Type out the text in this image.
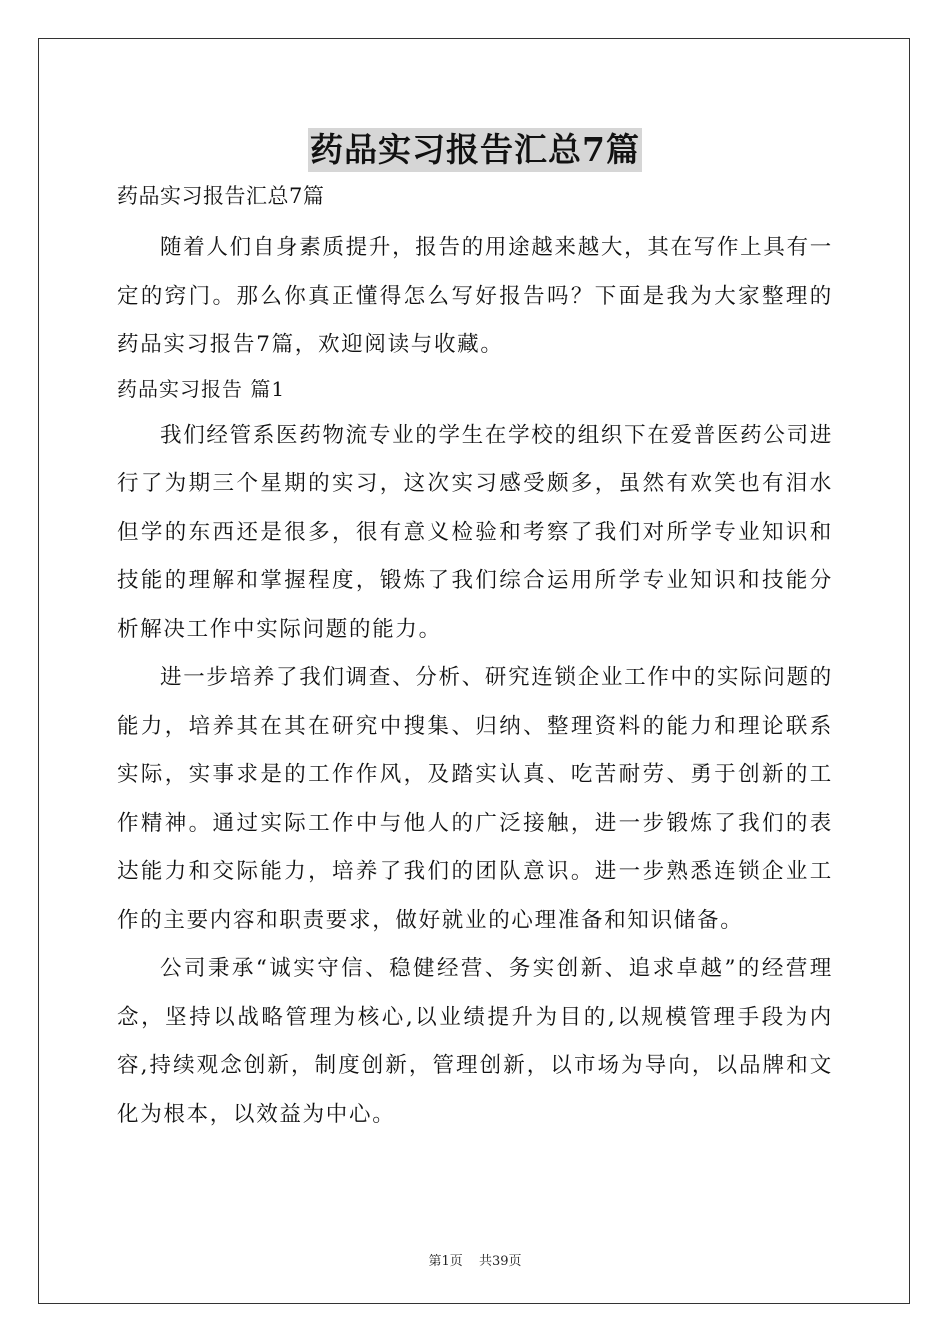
药品实习报告汇总7篇
药品实习报告汇总7篇

随着人们自身素质提升，报告的用途越来越大，其在写作上具有一定的窍门。那么你真正懂得怎么写好报告吗？下面是我为大家整理的药品实习报告7篇，欢迎阅读与收藏。

药品实习报告 篇1

我们经管系医药物流专业的学生在学校的组织下在爱普医药公司进行了为期三个星期的实习，这次实习感受颇多，虽然有欢笑也有泪水但学的东西还是很多，很有意义检验和考察了我们对所学专业知识和技能的理解和掌握程度，锻炼了我们综合运用所学专业知识和技能分析解决工作中实际问题的能力。

进一步培养了我们调查、分析、研究连锁企业工作中的实际问题的能力，培养其在其在研究中搜集、归纳、整理资料的能力和理论联系实际，实事求是的工作作风，及踏实认真、吃苦耐劳、勇于创新的工作精神。通过实际工作中与他人的广泛接触，进一步锻炼了我们的表达能力和交际能力，培养了我们的团队意识。进一步熟悉连锁企业工作的主要内容和职责要求，做好就业的心理准备和知识储备。

公司秉承“诚实守信、稳健经营、务实创新、追求卓越”的经营理念，坚持以战略管理为核心,以业绩提升为目的,以规模管理手段为内容,持续观念创新，制度创新，管理创新，以市场为导向，以品牌和文化为根本，以效益为中心。

第1页 共39页
